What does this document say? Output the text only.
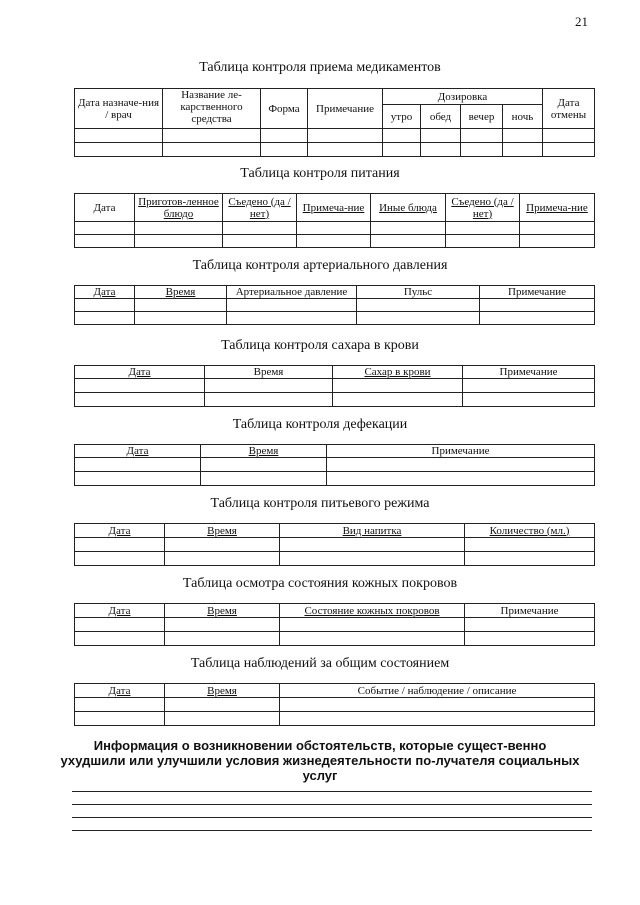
21
Таблица контроля приема медикаментов
Дата назначе-ния / врач	Название ле-карственного средства	Форма	Примечание	Дозировка				Дата отмены
				утро	обед	вечер	ночь	

Таблица контроля питания
Дата	Приготов-ленное блюдо	Съедено (да / нет)	Примеча-ние	Иные блюда	Съедено (да / нет)	Примеча-ние

Таблица контроля артериального давления
Дата	Время	Артериальное давление	Пульс	Примечание

Таблица контроля сахара в крови
Дата	Время	Сахар в крови	Примечание

Таблица контроля дефекации
Дата	Время	Примечание

Таблица контроля питьевого режима
Дата	Время	Вид напитка	Количество (мл.)

Таблица осмотра состояния кожных покровов
Дата	Время	Состояние кожных покровов	Примечание

Таблица наблюдений за общим состоянием
Дата	Время	Событие / наблюдение / описание

Информация о возникновении обстоятельств, которые сущест-венно ухудшили или улучшили условия жизнедеятельности по-лучателя социальных услуг
